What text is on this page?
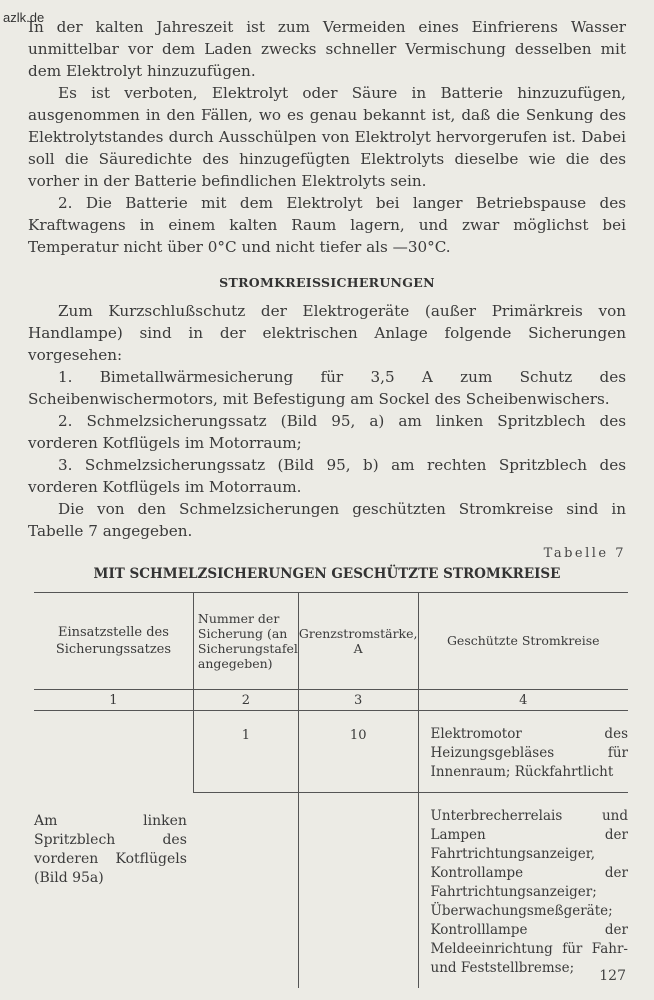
azlk.de

In der kalten Jahreszeit ist zum Vermeiden eines Einfrierens Wasser unmittelbar vor dem Laden zwecks schneller Vermischung desselben mit dem Elektrolyt hinzuzufügen.

Es ist verboten, Elektrolyt oder Säure in Batterie hinzuzufügen, ausgenommen in den Fällen, wo es genau bekannt ist, daß die Senkung des Elektrolytstandes durch Ausschülpen von Elektrolyt hervorgerufen ist. Dabei soll die Säuredichte des hinzugefügten Elektrolyts dieselbe wie die des vorher in der Batterie befindlichen Elektrolyts sein.

2. Die Batterie mit dem Elektrolyt bei langer Betriebspause des Kraftwagens in einem kalten Raum lagern, und zwar möglichst bei Temperatur nicht über 0°C und nicht tiefer als —30°C.

STROMKREISSICHERUNGEN

Zum Kurzschlußschutz der Elektrogeräte (außer Primärkreis von Handlampe) sind in der elektrischen Anlage folgende Sicherungen vorgesehen:

1. Bimetallwärmesicherung für 3,5 A zum Schutz des Scheibenwischermotors, mit Befestigung am Sockel des Scheibenwischers.

2. Schmelzsicherungssatz (Bild 95, a) am linken Spritzblech des vorderen Kotflügels im Motorraum;

3. Schmelzsicherungssatz (Bild 95, b) am rechten Spritzblech des vorderen Kotflügels im Motorraum.

Die von den Schmelzsicherungen geschützten Stromkreise sind in Tabelle 7 angegeben.

Tabelle 7
MIT SCHMELZSICHERUNGEN GESCHÜTZTE STROMKREISE
Einsatzstelle des Sicherungssatzes	Nummer der Sicherung (an Sicherungstafel angegeben)	Grenzstromstärke, A	Geschützte Stromkreise
1	2	3	4
Am linken Spritzblech des vorderen Kotflügels (Bild 95a)	1	10	Elektromotor des Heizungsgebläses für Innenraum; Rückfahrtlicht
			Unterbrecherrelais und Lampen der Fahrtrichtungsanzeiger, Kontrollampe der Fahrtrichtungsanzeiger; Überwachungsmeßgeräte; Kontrolllampe der Meldeeinrichtung für Fahr- und Feststellbremse; 127
